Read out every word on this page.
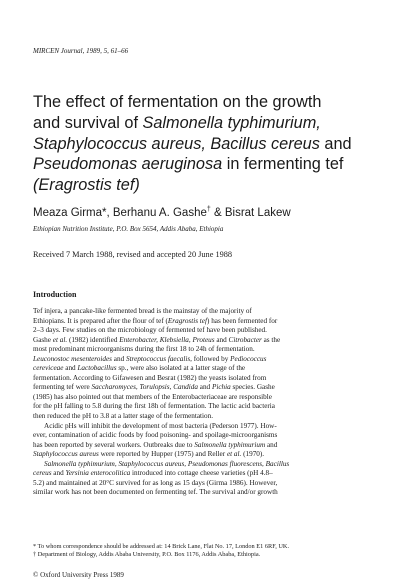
MIRCEN Journal, 1989, 5, 61–66
The effect of fermentation on the growth
and survival of Salmonella typhimurium,
Staphylococcus aureus, Bacillus cereus and
Pseudomonas aeruginosa in fermenting tef
(Eragrostis tef)
Meaza Girma*, Berhanu A. Gashe† & Bisrat Lakew
Ethiopian Nutrition Institute, P.O. Box 5654, Addis Ababa, Ethiopia
Received 7 March 1988, revised and accepted 20 June 1988
Introduction
Tef injera, a pancake-like fermented bread is the mainstay of the majority of
Ethiopians. It is prepared after the flour of tef (Eragrostis tef) has been fermented for
2–3 days. Few studies on the microbiology of fermented tef have been published.
Gashe et al. (1982) identified Enterobacter, Klebsiella, Proteus and Citrobacter as the
most predominant microorganisms during the first 18 to 24h of fermentation.
Leuconostoc mesenteroides and Streptococcus faecalis, followed by Pediococcus
cereviceae and Lactobacillus sp., were also isolated at a latter stage of the
fermentation. According to Gifawesen and Besrat (1982) the yeasts isolated from
fermenting tef were Saccharomyces, Torulopsis, Candida and Pichia species. Gashe
(1985) has also pointed out that members of the Enterobacteriaceae are responsible
for the pH falling to 5.8 during the first 18h of fermentation. The lactic acid bacteria
then reduced the pH to 3.8 at a latter stage of the fermentation.
Acidic pHs will inhibit the development of most bacteria (Pederson 1977). How-
ever, contamination of acidic foods by food poisoning- and spoilage-microorganisms
has been reported by several workers. Outbreaks due to Salmonella typhimurium and
Staphylococcus aureus were reported by Hupper (1975) and Reller et al. (1970).
Salmonella typhimurium, Staphylococcus aureus, Pseudomonas fluorescens, Bacillus
cereus and Yersinia enterocolitica introduced into cottage cheese varieties (pH 4.8–
5.2) and maintained at 20°C survived for as long as 15 days (Girma 1986). However,
similar work has not been documented on fermenting tef. The survival and/or growth
* To whom correspondence should be addressed at: 14 Brick Lane, Flat No. 17, London E1 6RF, UK.
† Department of Biology, Addis Ababa University, P.O. Box 1176, Addis Ababa, Ethiopia.
© Oxford University Press 1989
